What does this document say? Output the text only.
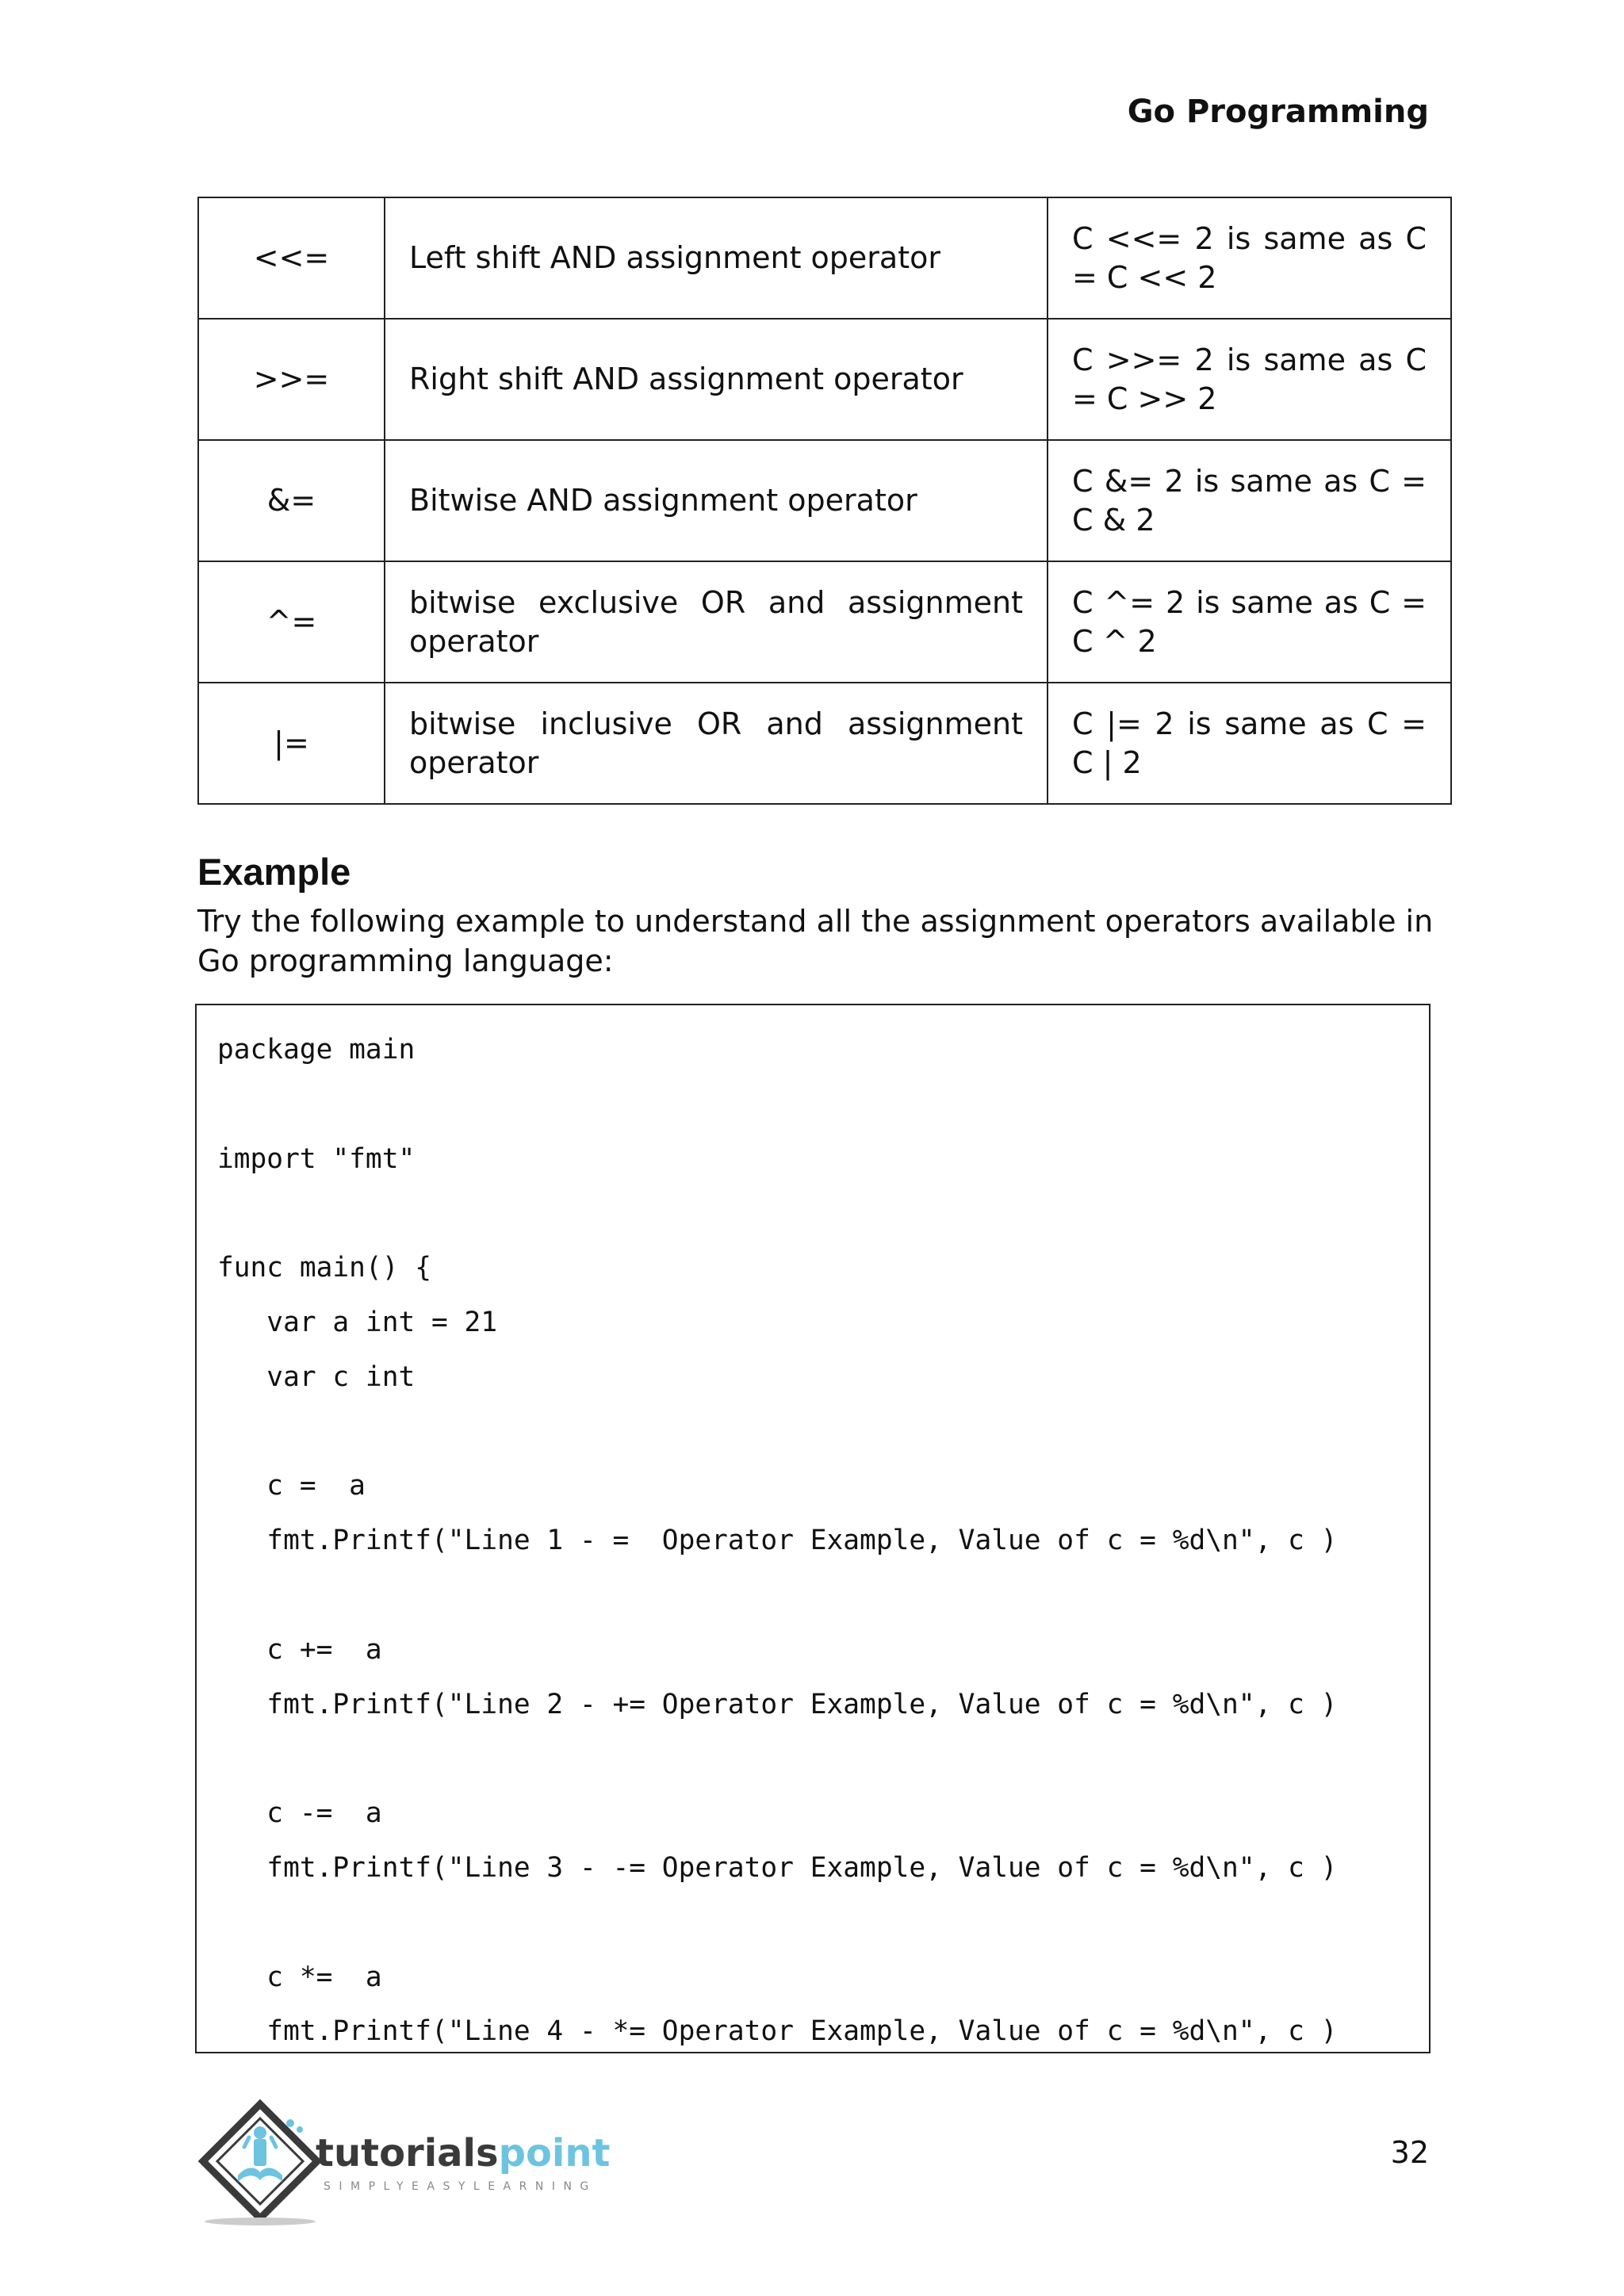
Go Programming
<<=	Left shift AND assignment operator	C <<= 2 is same as C = C << 2
>>=	Right shift AND assignment operator	C >>= 2 is same as C = C >> 2
&=	Bitwise AND assignment operator	C &= 2 is same as C = C & 2
^=	bitwise exclusive OR and assignment operator	C ^= 2 is same as C = C ^ 2
|=	bitwise inclusive OR and assignment operator	C |= 2 is same as C = C | 2
Example
Try the following example to understand all the assignment operators available in Go programming language:
package main

import "fmt"

func main() {
var a int = 21
var c int

c =  a
fmt.Printf("Line 1 - =  Operator Example, Value of c = %d\n", c )

c +=  a
fmt.Printf("Line 2 - += Operator Example, Value of c = %d\n", c )

c -=  a
fmt.Printf("Line 3 - -= Operator Example, Value of c = %d\n", c )

c *=  a
fmt.Printf("Line 4 - *= Operator Example, Value of c = %d\n", c )
tutorialspoint
SIMPLYEASYLEARNING
32
